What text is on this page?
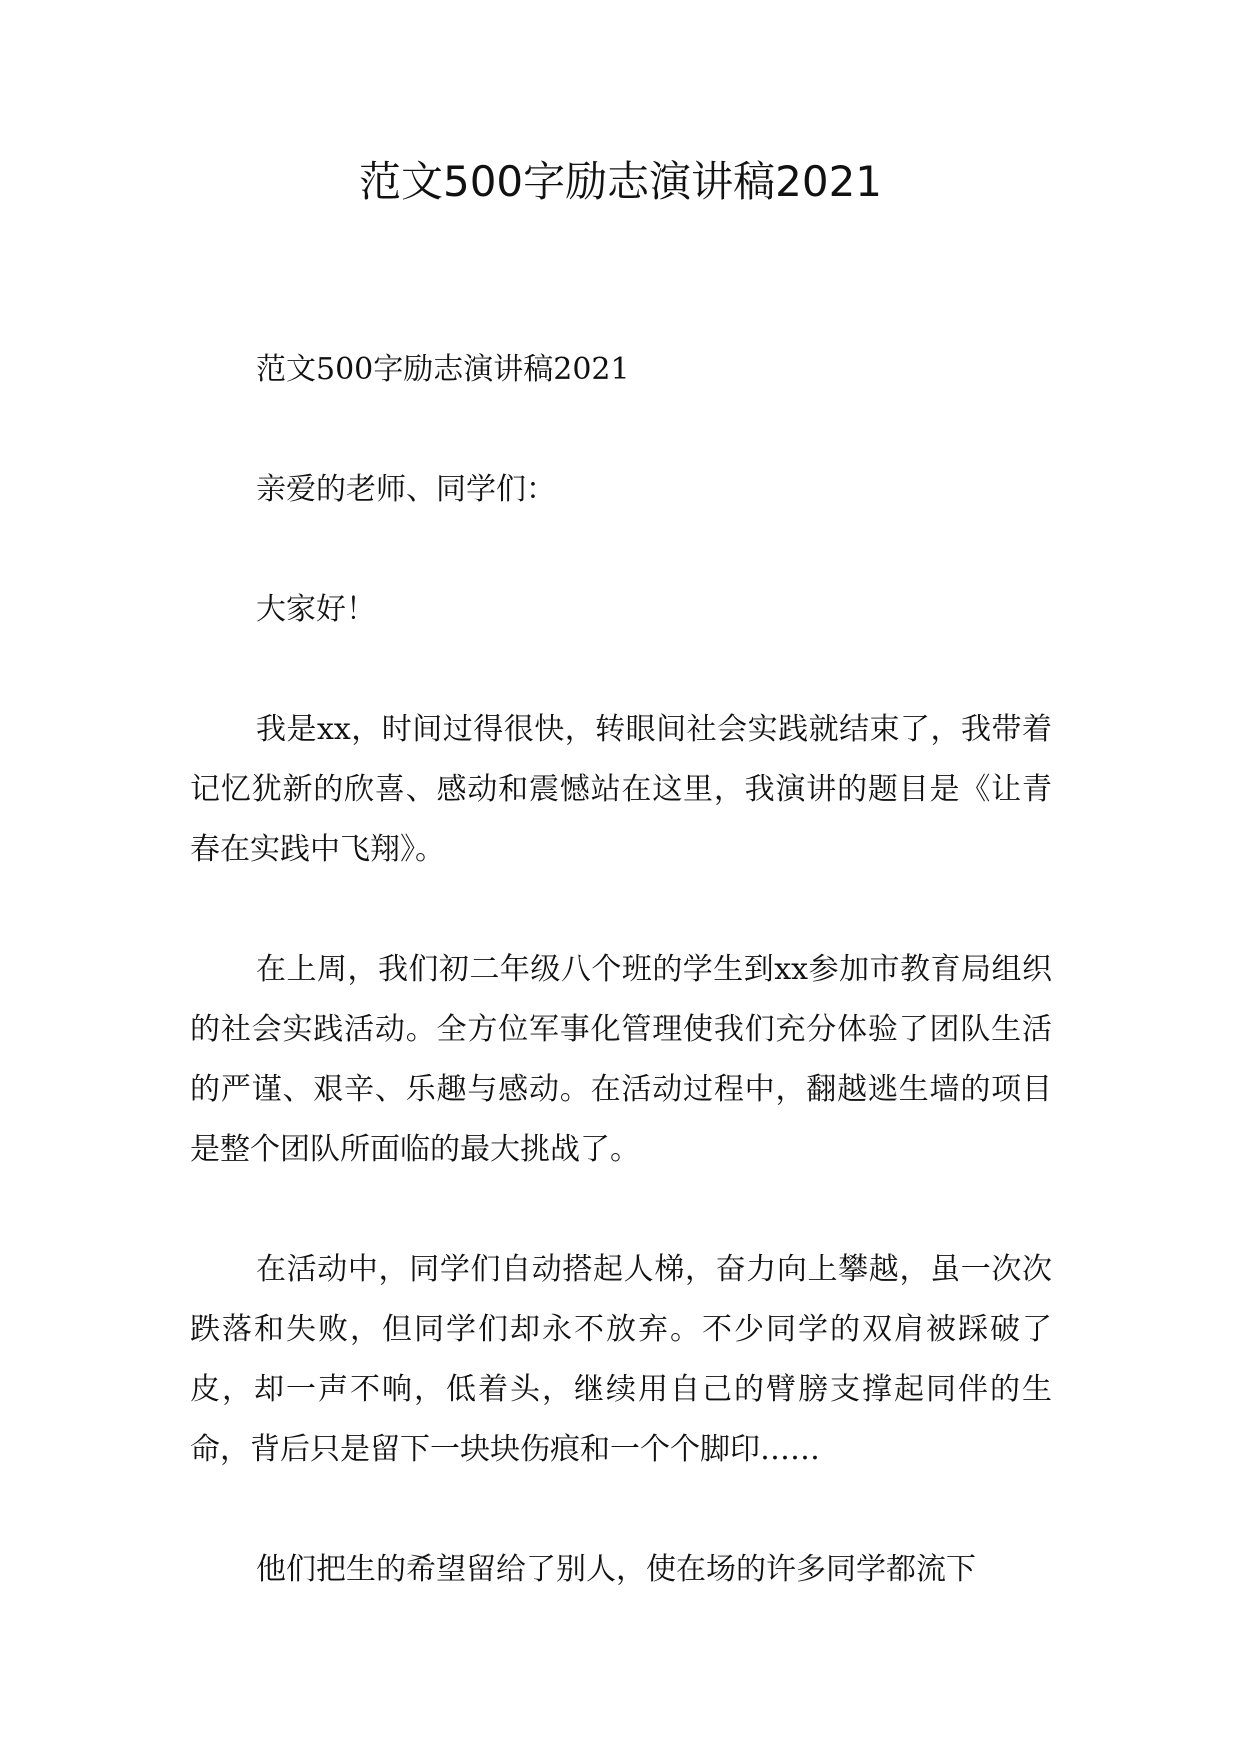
范文500字励志演讲稿2021

范文500字励志演讲稿2021

亲爱的老师、同学们：

大家好！

我是xx，时间过得很快，转眼间社会实践就结束了，我带着记忆犹新的欣喜、感动和震憾站在这里，我演讲的题目是《让青春在实践中飞翔》。

在上周，我们初二年级八个班的学生到xx参加市教育局组织的社会实践活动。全方位军事化管理使我们充分体验了团队生活的严谨、艰辛、乐趣与感动。在活动过程中，翻越逃生墙的项目是整个团队所面临的最大挑战了。

在活动中，同学们自动搭起人梯，奋力向上攀越，虽一次次跌落和失败，但同学们却永不放弃。不少同学的双肩被踩破了皮，却一声不响，低着头，继续用自己的臂膀支撑起同伴的生命，背后只是留下一块块伤痕和一个个脚印……

他们把生的希望留给了别人，使在场的许多同学都流下
